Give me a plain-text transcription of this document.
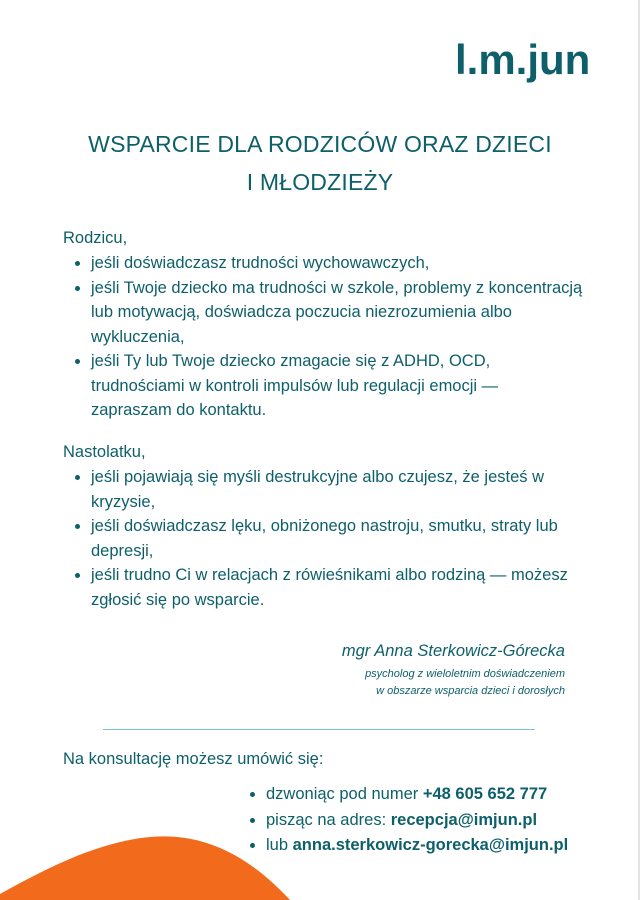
l.m.jun
WSPARCIE DLA RODZICÓW ORAZ DZIECI
I MŁODZIEŻY
Rodzicu,
• jeśli doświadczasz trudności wychowawczych,
• jeśli Twoje dziecko ma trudności w szkole, problemy z koncentracją lub motywacją, doświadcza poczucia niezrozumienia albo wykluczenia,
• jeśli Ty lub Twoje dziecko zmagacie się z ADHD, OCD, trudnościami w kontroli impulsów lub regulacji emocji — zapraszam do kontaktu.
Nastolatku,
• jeśli pojawiają się myśli destrukcyjne albo czujesz, że jesteś w kryzysie,
• jeśli doświadczasz lęku, obniżonego nastroju, smutku, straty lub depresji,
• jeśli trudno Ci w relacjach z rówieśnikami albo rodziną — możesz zgłosić się po wsparcie.
mgr Anna Sterkowicz-Górecka
psycholog z wieloletnim doświadczeniem
w obszarze wsparcia dzieci i dorosłych
Na konsultację możesz umówić się:
• dzwoniąc pod numer +48 605 652 777
• pisząc na adres: recepcja@imjun.pl
• lub anna.sterkowicz-gorecka@imjun.pl
